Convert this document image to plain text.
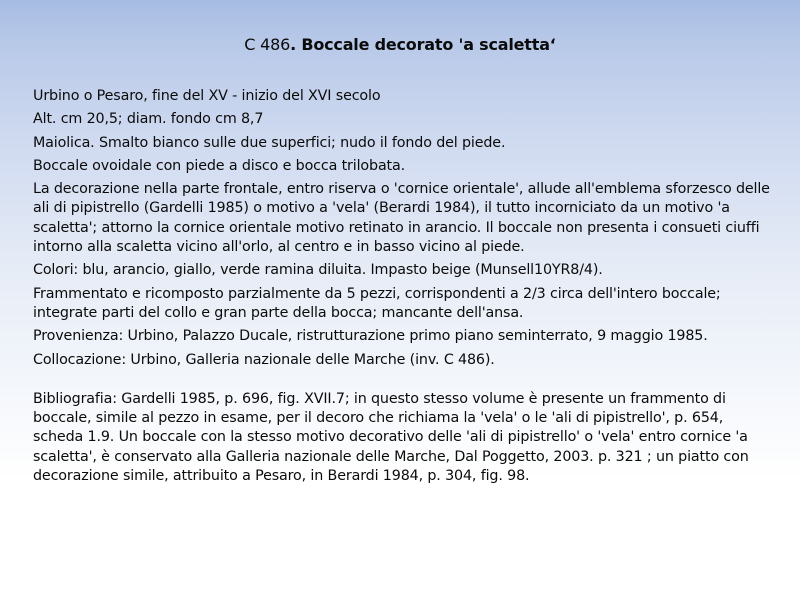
C 486. Boccale decorato 'a scaletta‘

Urbino o Pesaro, fine del XV - inizio del XVI secolo

Alt. cm 20,5; diam. fondo cm 8,7

Maiolica. Smalto bianco sulle due superfici; nudo il fondo del piede.

Boccale ovoidale con piede a disco e bocca trilobata.

La decorazione nella parte frontale, entro riserva o 'cornice orientale', allude all'emblema sforzesco delle ali di pipistrello (Gardelli 1985) o motivo a 'vela' (Berardi 1984), il tutto incorniciato da un motivo 'a scaletta'; attorno la cornice orientale motivo retinato in arancio. Il boccale non presenta i consueti ciuffi intorno alla scaletta vicino all'orlo, al centro e in basso vicino al piede.

Colori: blu, arancio, giallo, verde ramina diluita. Impasto beige (Munsell10YR8/4).

Frammentato e ricomposto parzialmente da 5 pezzi, corrispondenti a 2/3 circa dell'intero boccale; integrate parti del collo e gran parte della bocca; mancante dell'ansa.

Provenienza: Urbino, Palazzo Ducale, ristrutturazione primo piano seminterrato, 9 maggio 1985.

Collocazione: Urbino, Galleria nazionale delle Marche (inv. C 486).

Bibliografia: Gardelli 1985, p. 696, fig. XVII.7; in questo stesso volume è presente un frammento di boccale, simile al pezzo in esame, per il decoro che richiama la 'vela' o le 'ali di pipistrello', p. 654, scheda 1.9. Un boccale con la stesso motivo decorativo delle 'ali di pipistrello' o 'vela' entro cornice 'a scaletta', è conservato alla Galleria nazionale delle Marche, Dal Poggetto, 2003. p. 321 ; un piatto con decorazione simile, attribuito a Pesaro, in Berardi 1984, p. 304, fig. 98.
